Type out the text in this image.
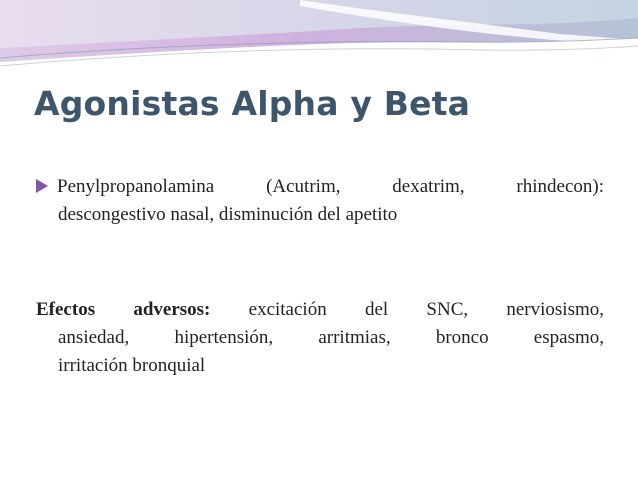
Agonistas Alpha y Beta
Penylpropanolamina (Acutrim, dexatrim, rhindecon):
descongestivo nasal, disminución del apetito
Efectos adversos: excitación del SNC, nerviosismo,
ansiedad, hipertensión, arritmias, bronco espasmo,
irritación bronquial
